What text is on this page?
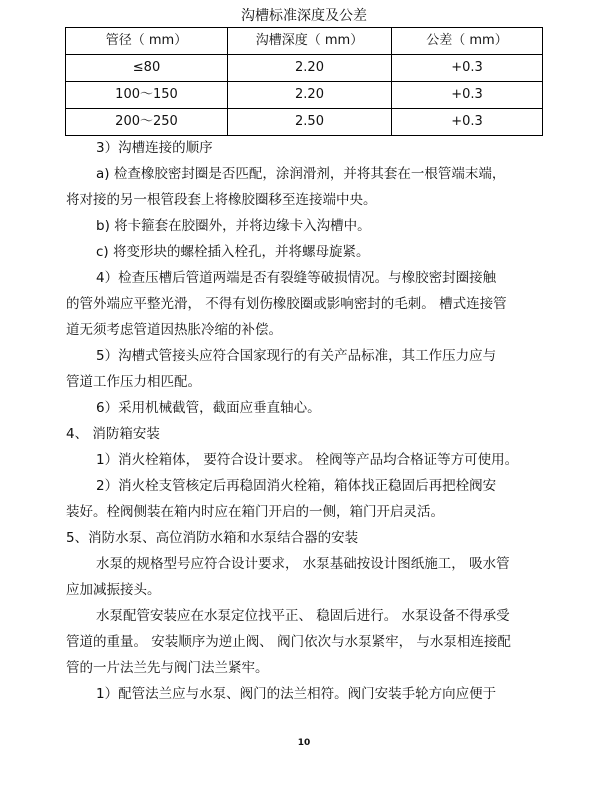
沟槽标准深度及公差
管径（ mm）	沟槽深度（ mm）	公差（ mm）
≤80	2.20	+0.3
100～150	2.20	+0.3
200～250	2.50	+0.3
3）沟槽连接的顺序
a) 检查橡胶密封圈是否匹配，涂润滑剂，并将其套在一根管端末端，
将对接的另一根管段套上将橡胶圈移至连接端中央。
b) 将卡箍套在胶圈外，并将边缘卡入沟槽中。
c) 将变形块的螺栓插入栓孔，并将螺母旋紧。
4）检查压槽后管道两端是否有裂缝等破损情况。与橡胶密封圈接触
的管外端应平整光滑， 不得有划伤橡胶圈或影响密封的毛刺。 槽式连接管
道无须考虑管道因热胀冷缩的补偿。
5）沟槽式管接头应符合国家现行的有关产品标准，其工作压力应与
管道工作压力相匹配。
6）采用机械截管，截面应垂直轴心。
4、 消防箱安装
1）消火栓箱体， 要符合设计要求。 栓阀等产品均合格证等方可使用。
2）消火栓支管核定后再稳固消火栓箱，箱体找正稳固后再把栓阀安
装好。栓阀侧装在箱内时应在箱门开启的一侧，箱门开启灵活。
5、消防水泵、高位消防水箱和水泵结合器的安装
水泵的规格型号应符合设计要求， 水泵基础按设计图纸施工， 吸水管
应加减振接头。
水泵配管安装应在水泵定位找平正、 稳固后进行。 水泵设备不得承受
管道的重量。 安装顺序为逆止阀、 阀门依次与水泵紧牢， 与水泵相连接配
管的一片法兰先与阀门法兰紧牢。
1）配管法兰应与水泵、阀门的法兰相符。阀门安装手轮方向应便于
10
